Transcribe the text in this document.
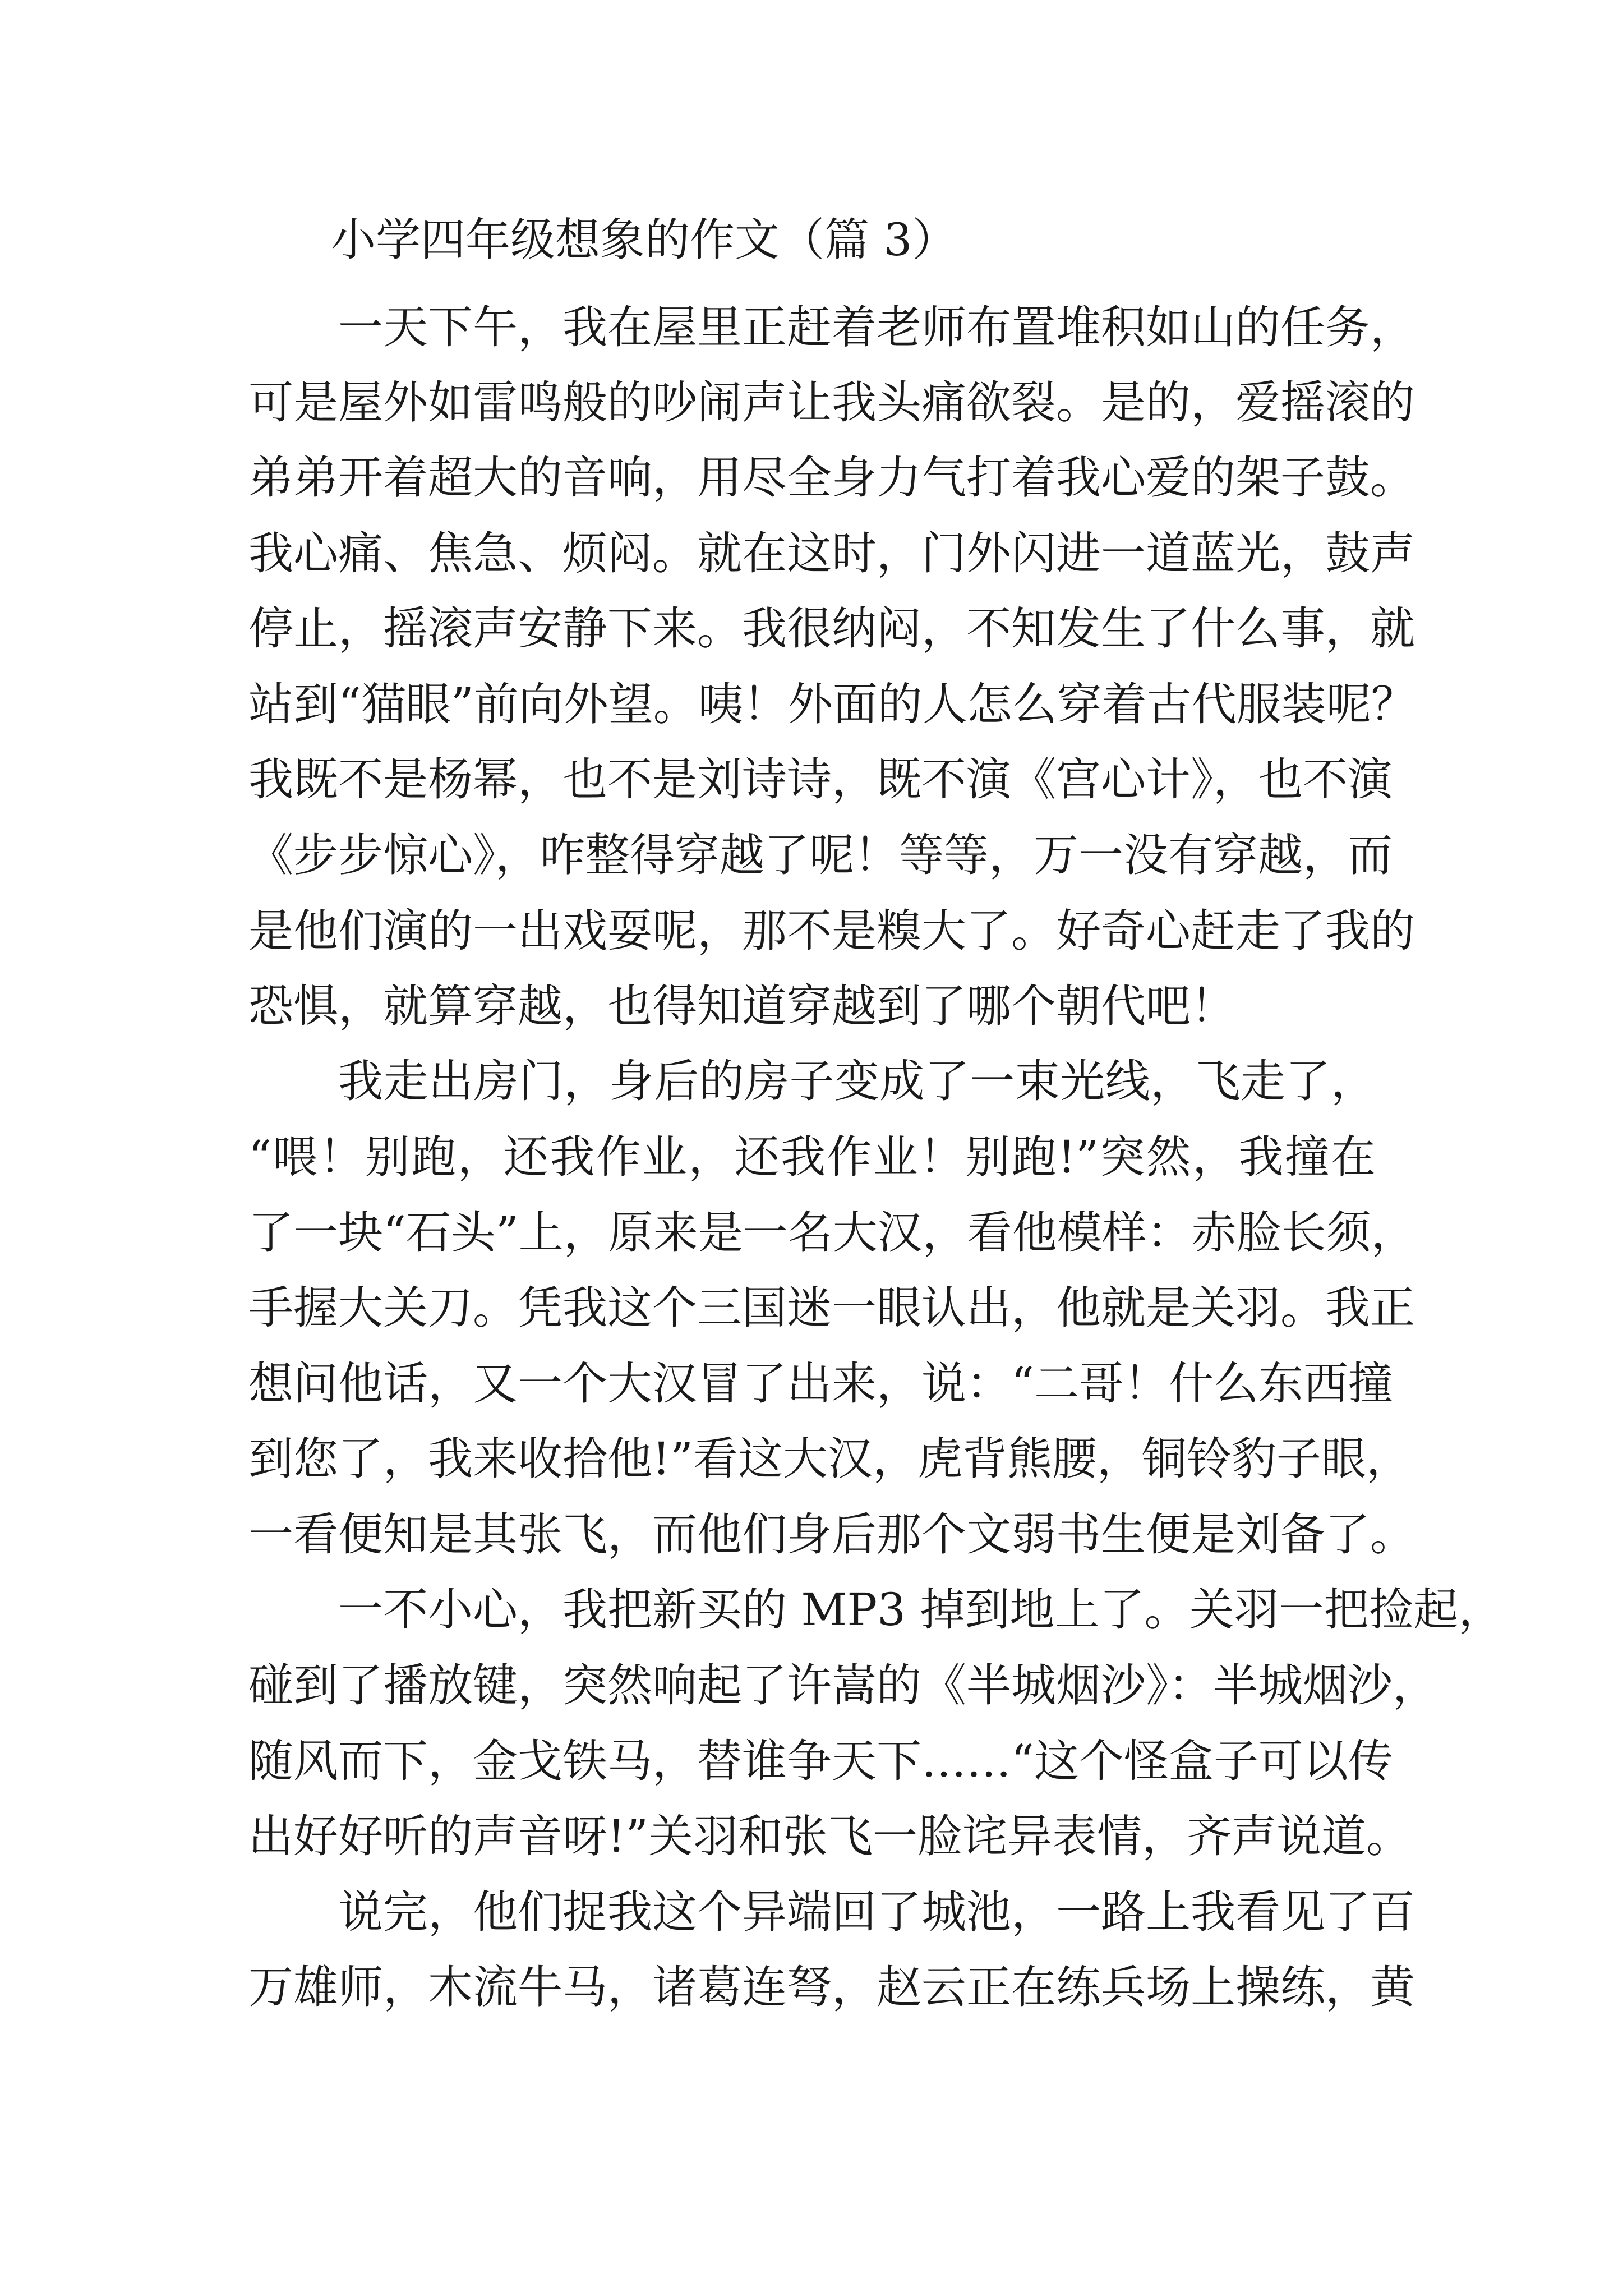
小学四年级想象的作文（篇 3）
一天下午，我在屋里正赶着老师布置堆积如山的任务，
可是屋外如雷鸣般的吵闹声让我头痛欲裂。是的，爱摇滚的
弟弟开着超大的音响，用尽全身力气打着我心爱的架子鼓。
我心痛、焦急、烦闷。就在这时，门外闪进一道蓝光，鼓声
停止，摇滚声安静下来。我很纳闷，不知发生了什么事，就
站到“猫眼”前向外望。咦！外面的人怎么穿着古代服装呢？
我既不是杨幂，也不是刘诗诗，既不演《宫心计》，也不演
《步步惊心》，咋整得穿越了呢！等等，万一没有穿越，而
是他们演的一出戏耍呢，那不是糗大了。好奇心赶走了我的
恐惧，就算穿越，也得知道穿越到了哪个朝代吧！
我走出房门，身后的房子变成了一束光线，飞走了，
“喂！别跑，还我作业，还我作业！别跑!”突然，我撞在
了一块“石头”上，原来是一名大汉，看他模样：赤脸长须，
手握大关刀。凭我这个三国迷一眼认出，他就是关羽。我正
想问他话，又一个大汉冒了出来，说：“二哥！什么东西撞
到您了，我来收拾他!”看这大汉，虎背熊腰，铜铃豹子眼，
一看便知是其张飞，而他们身后那个文弱书生便是刘备了。
一不小心，我把新买的 MP3 掉到地上了。关羽一把捡起，
碰到了播放键，突然响起了许嵩的《半城烟沙》：半城烟沙，
随风而下，金戈铁马，替谁争天下……“这个怪盒子可以传
出好好听的声音呀!”关羽和张飞一脸诧异表情，齐声说道。
说完，他们捉我这个异端回了城池，一路上我看见了百
万雄师，木流牛马，诸葛连弩，赵云正在练兵场上操练，黄
